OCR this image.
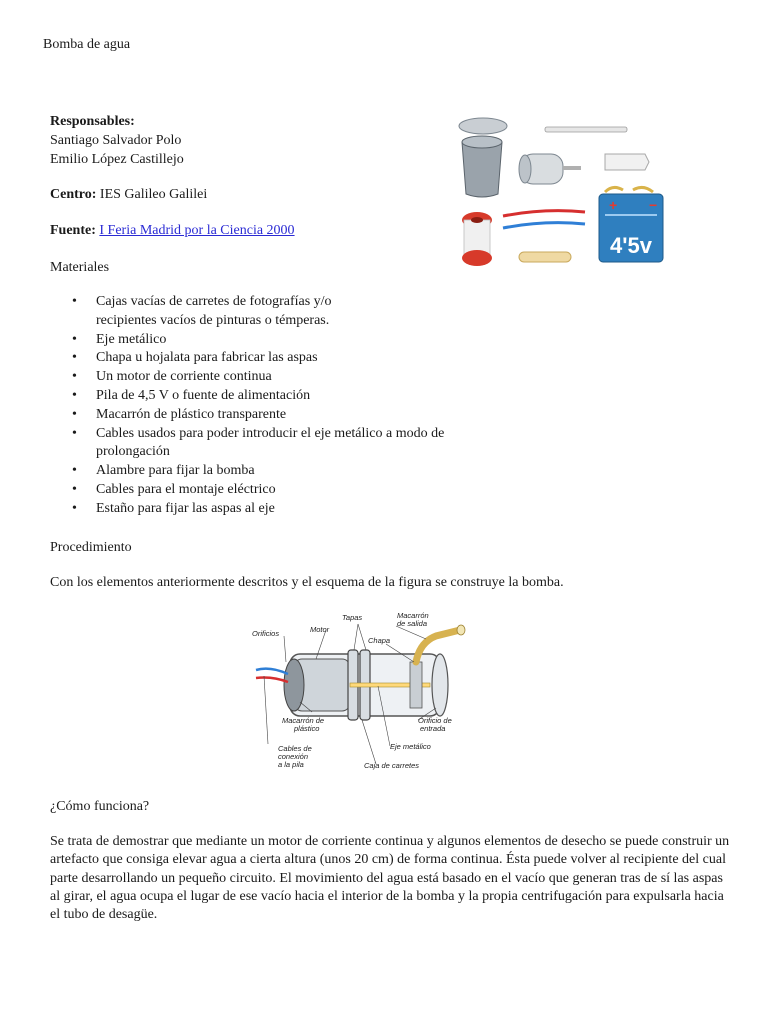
Bomba de agua
Responsables:
Santiago Salvador Polo
Emilio López Castillejo
Centro: IES Galileo Galilei
Fuente: I Feria Madrid por la Ciencia 2000
Materiales
• Cajas vacías de carretes de fotografías y/o recipientes vacíos de pinturas o témperas.
• Eje metálico
• Chapa u hojalata para fabricar las aspas
• Un motor de corriente continua
• Pila de 4,5 V o fuente de alimentación
• Macarrón de plástico transparente
• Cables usados para poder introducir el eje metálico a modo de prolongación
• Alambre para fijar la bomba
• Cables para el montaje eléctrico
• Estaño para fijar las aspas al eje
Procedimiento
Con los elementos anteriormente descritos y el esquema de la figura se construye la bomba.
+ −
4'5v
Tapas
Motor
Orificios
Macarrón
de salida
Chapa
Macarrón de
plástico
Orificio de
entrada
Eje metálico
Cables de
conexión
a la pila	Caja de carretes
¿Cómo funciona?
Se trata de demostrar que mediante un motor de corriente continua y algunos elementos de desecho se puede construir un artefacto que consiga elevar agua a cierta altura (unos 20 cm) de forma continua. Ésta puede volver al recipiente del cual parte desarrollando un pequeño circuito. El movimiento del agua está basado en el vacío que generan tras de sí las aspas al girar, el agua ocupa el lugar de ese vacío hacia el interior de la bomba y la propia centrifugación para expulsarla hacia el tubo de desagüe.
